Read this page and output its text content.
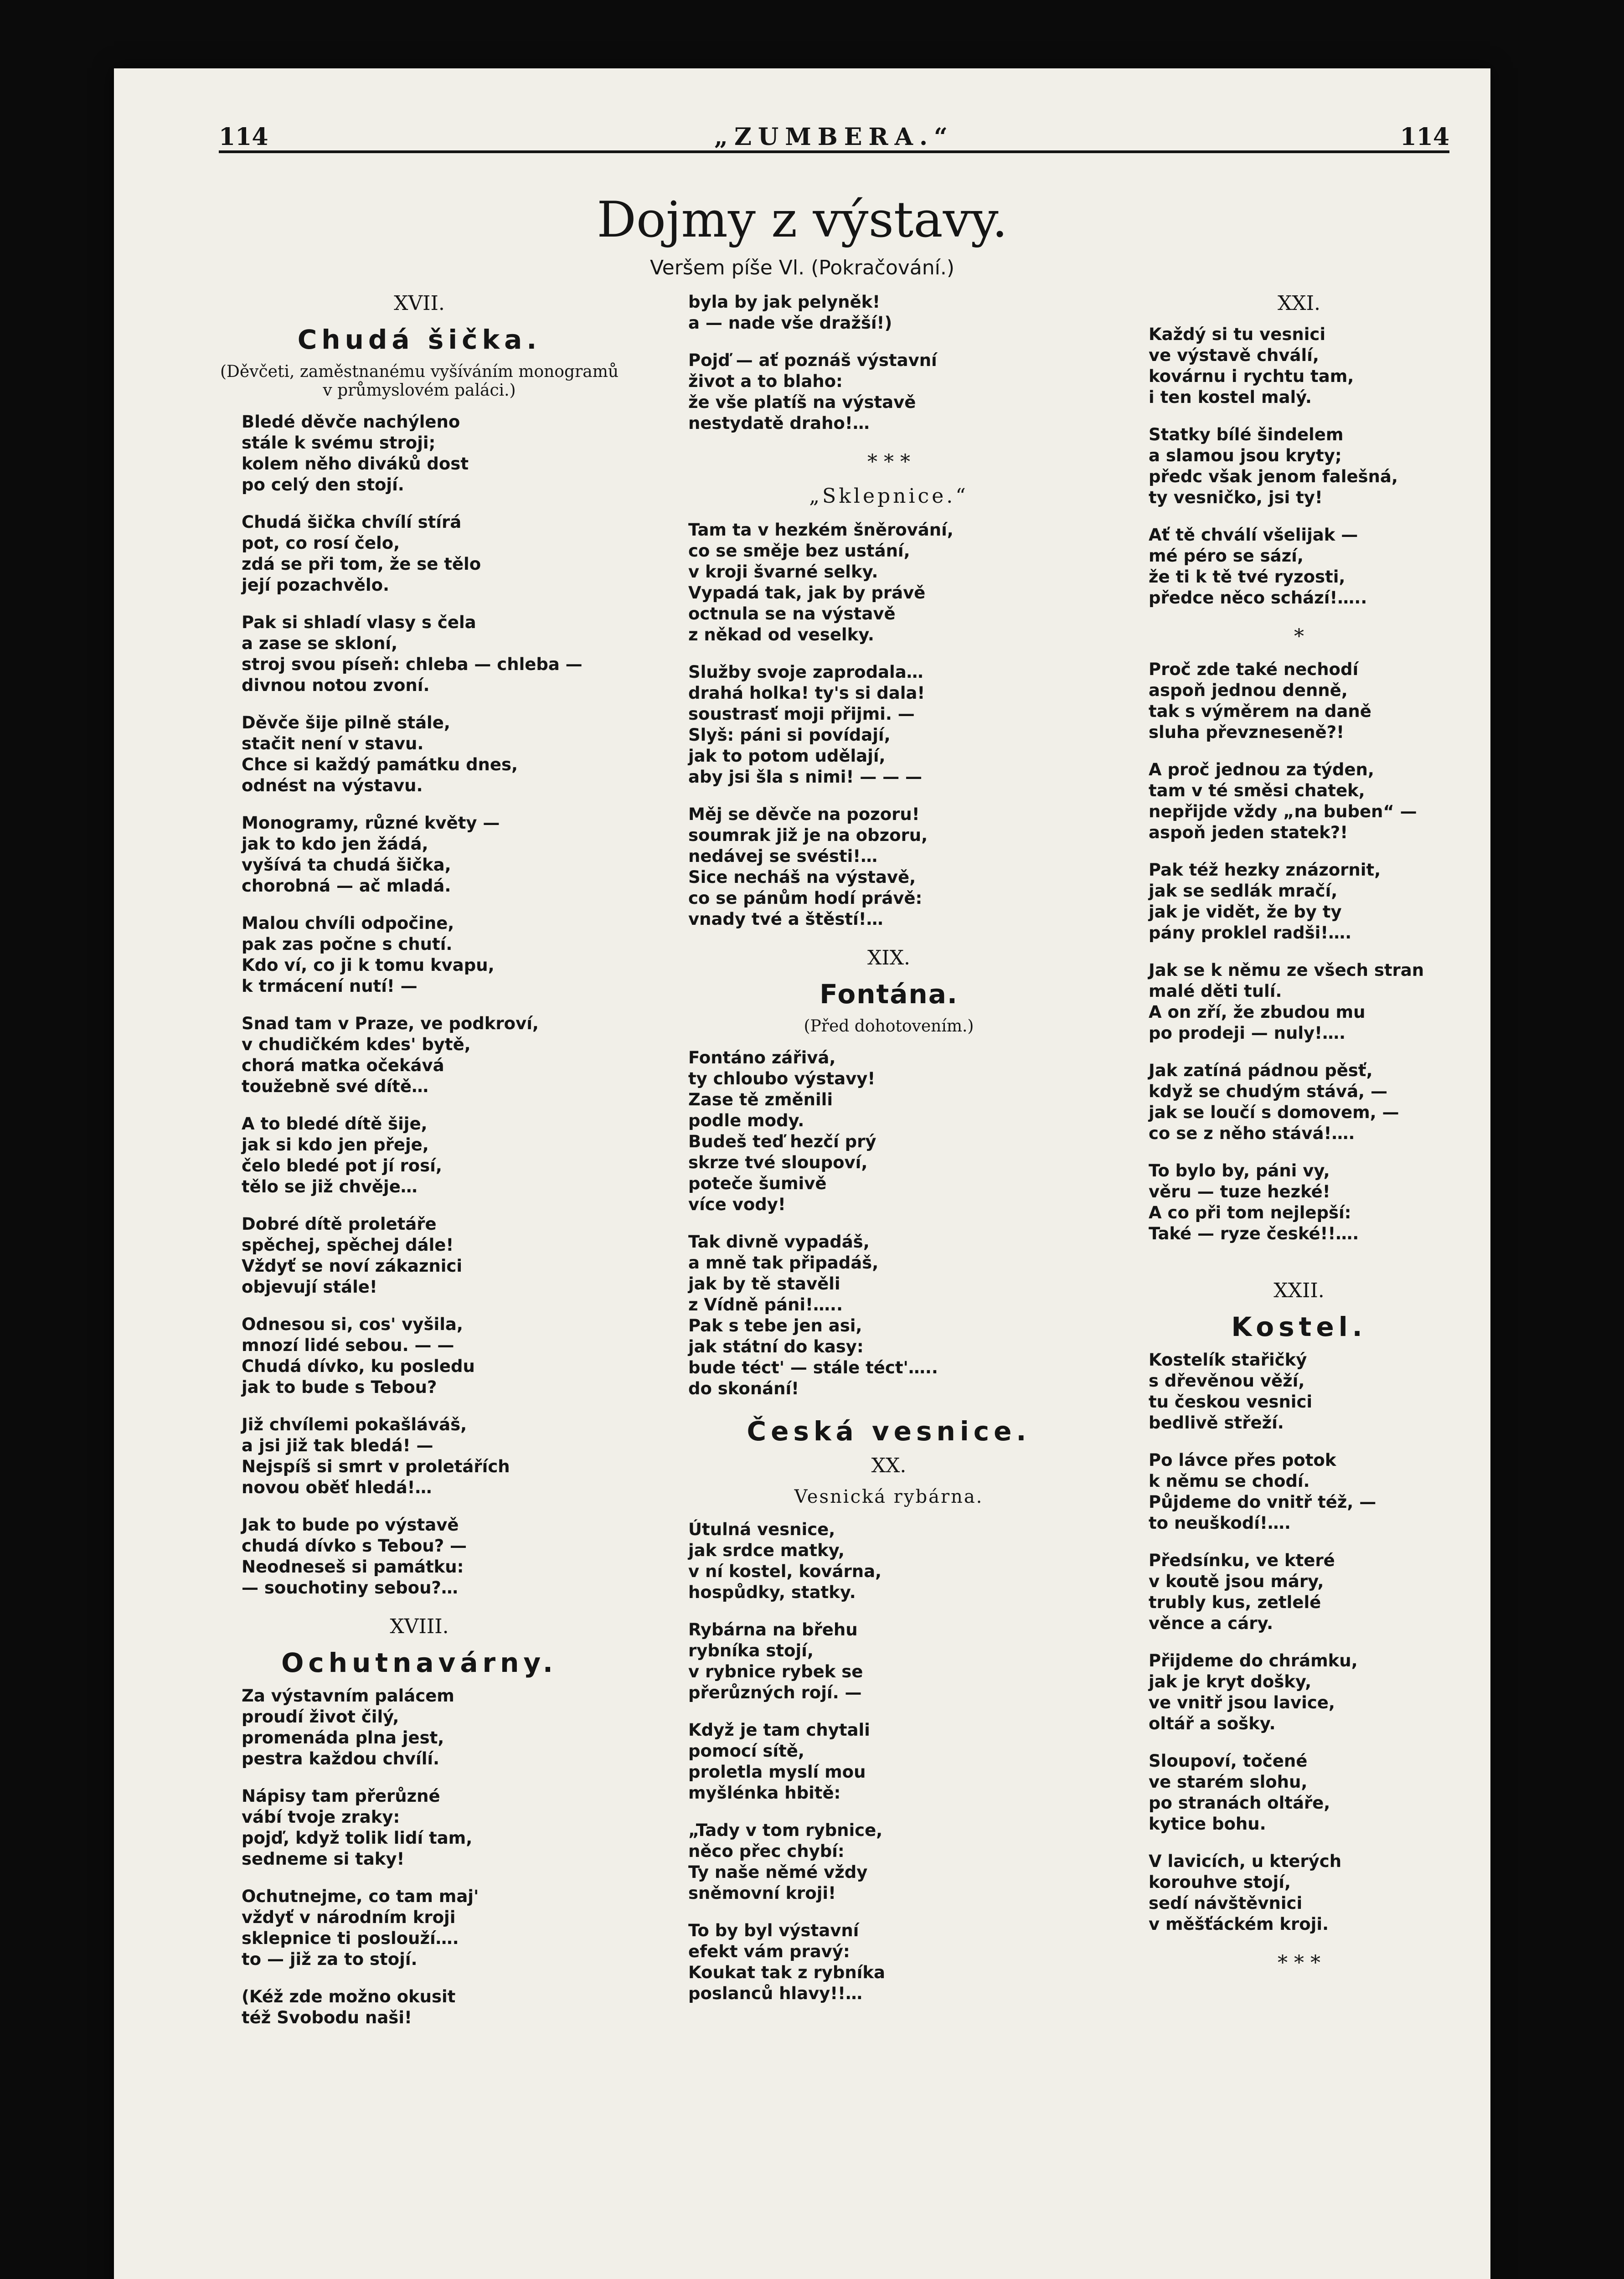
114	„ZUMBERA.“	114
Dojmy z výstavy.
Veršem píše Vl. (Pokračování.)
XVII.
Chudá šička.
(Děvčeti, zaměstnanému vyšíváním monogramů v průmyslovém paláci.)
Bledé děvče nachýleno
stále k svému stroji;
kolem něho diváků dost
po celý den stojí.
Chudá šička chvílí stírá
pot, co rosí čelo,
zdá se při tom, že se tělo
její pozachvělo.
Pak si shladí vlasy s čela
a zase se skloní,
stroj svou píseň: chleba — chleba —
divnou notou zvoní.
Děvče šije pilně stále,
stačit není v stavu.
Chce si každý památku dnes,
odnést na výstavu.
Monogramy, různé květy —
jak to kdo jen žádá,
vyšívá ta chudá šička,
chorobná — ač mladá.
Malou chvíli odpočine,
pak zas počne s chutí.
Kdo ví, co ji k tomu kvapu,
k trmácení nutí! —
Snad tam v Praze, ve podkroví,
v chudičkém kdes' bytě,
chorá matka očekává
toužebně své dítě…
A to bledé dítě šije,
jak si kdo jen přeje,
čelo bledé pot jí rosí,
tělo se již chvěje…
Dobré dítě proletáře
spěchej, spěchej dále!
Vždyť se noví zákaznici
objevují stále!
Odnesou si, cos' vyšila,
mnozí lidé sebou. — —
Chudá dívko, ku posledu
jak to bude s Tebou?
Již chvílemi pokašláváš,
a jsi již tak bledá! —
Nejspíš si smrt v proletářích
novou oběť hledá!…
Jak to bude po výstavě
chudá dívko s Tebou? —
Neodneseš si památku:
— souchotiny sebou?…
XVIII.
Ochutnavárny.
Za výstavním palácem
proudí život čilý,
promenáda plna jest,
pestra každou chvílí.
Nápisy tam přerůzné
vábí tvoje zraky:
pojď, když tolik lidí tam,
sedneme si taky!
Ochutnejme, co tam maj'
vždyť v národním kroji
sklepnice ti poslouží….
to — již za to stojí.
(Kéž zde možno okusit
též Svobodu naši!
byla by jak pelyněk!
a — nade vše dražší!)
Pojď — ať poznáš výstavní
život a to blaho:
že vše platíš na výstavě
nestydatě draho!…
* * *
„Sklepnice.“
Tam ta v hezkém šněrování,
co se směje bez ustání,
v kroji švarné selky.
Vypadá tak, jak by právě
octnula se na výstavě
z někad od veselky.
Služby svoje zaprodala…
drahá holka! ty's si dala!
soustrasť moji přijmi. —
Slyš: páni si povídají,
jak to potom udělají,
aby jsi šla s nimi! — — —
Měj se děvče na pozoru!
soumrak již je na obzoru,
nedávej se svésti!…
Sice necháš na výstavě,
co se pánům hodí právě:
vnady tvé a štěstí!…
XIX.
Fontána.
(Před dohotovením.)
Fontáno zářivá,
ty chloubo výstavy!
Zase tě změnili
podle mody.
Budeš teď hezčí prý
skrze tvé sloupoví,
poteče šumivě
více vody!
Tak divně vypadáš,
a mně tak připadáš,
jak by tě stavěli
z Vídně páni!…..
Pak s tebe jen asi,
jak státní do kasy:
bude téct' — stále téct'…..
do skonání!
Česká vesnice.
XX.
Vesnická rybárna.
Útulná vesnice,
jak srdce matky,
v ní kostel, kovárna,
hospůdky, statky.
Rybárna na břehu
rybníka stojí,
v rybnice rybek se
přerůzných rojí. —
Když je tam chytali
pomocí sítě,
proletla myslí mou
myšlénka hbitě:
„Tady v tom rybnice,
něco přec chybí:
Ty naše němé vždy
sněmovní kroji!
To by byl výstavní
efekt vám pravý:
Koukat tak z rybníka
poslanců hlavy!!…
XXI.
Každý si tu vesnici
ve výstavě chválí,
kovárnu i rychtu tam,
i ten kostel malý.
Statky bílé šindelem
a slamou jsou kryty;
předc však jenom falešná,
ty vesničko, jsi ty!
Ať tě chválí všelijak —
mé péro se sází,
že ti k tě tvé ryzosti,
předce něco schází!…..
*
Proč zde také nechodí
aspoň jednou denně,
tak s výměrem na daně
sluha převzneseně?!
A proč jednou za týden,
tam v té směsi chatek,
nepřijde vždy „na buben“ —
aspoň jeden statek?!
Pak též hezky znázornit,
jak se sedlák mračí,
jak je vidět, že by ty
pány proklel radši!….
Jak se k němu ze všech stran
malé děti tulí.
A on zří, že zbudou mu
po prodeji — nuly!….
Jak zatíná pádnou pěsť,
když se chudým stává, —
jak se loučí s domovem, —
co se z něho stává!….
To bylo by, páni vy,
věru — tuze hezké!
A co při tom nejlepší:
Také — ryze české!!….
XXII.
Kostel.
Kostelík stařičký
s dřevěnou věží,
tu českou vesnici
bedlivě střeží.
Po lávce přes potok
k němu se chodí.
Půjdeme do vnitř též, —
to neuškodí!….
Předsínku, ve které
v koutě jsou máry,
trubly kus, zetlelé
věnce a cáry.
Přijdeme do chrámku,
jak je kryt došky,
ve vnitř jsou lavice,
oltář a sošky.
Sloupoví, točené
ve starém slohu,
po stranách oltáře,
kytice bohu.
V lavicích, u kterých
korouhve stojí,
sedí návštěvnici
v měšťáckém kroji.
* * *
